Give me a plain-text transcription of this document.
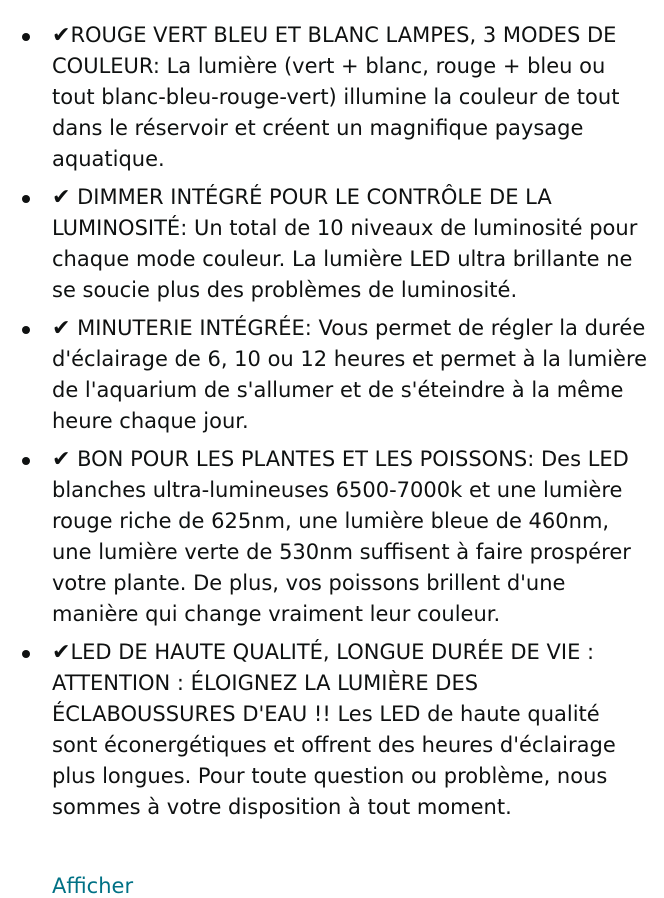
✔ROUGE VERT BLEU ET BLANC LAMPES, 3 MODES DE COULEUR: La lumière (vert + blanc, rouge + bleu ou tout blanc-bleu-rouge-vert) illumine la couleur de tout dans le réservoir et créent un magnifique paysage aquatique.
✔ DIMMER INTÉGRÉ POUR LE CONTRÔLE DE LA LUMINOSITÉ: Un total de 10 niveaux de luminosité pour chaque mode couleur. La lumière LED ultra brillante ne se soucie plus des problèmes de luminosité.
✔ MINUTERIE INTÉGRÉE: Vous permet de régler la durée d'éclairage de 6, 10 ou 12 heures et permet à la lumière de l'aquarium de s'allumer et de s'éteindre à la même heure chaque jour.
✔ BON POUR LES PLANTES ET LES POISSONS: Des LED blanches ultra-lumineuses 6500-7000k et une lumière rouge riche de 625nm, une lumière bleue de 460nm, une lumière verte de 530nm suffisent à faire prospérer votre plante. De plus, vos poissons brillent d'une manière qui change vraiment leur couleur.
✔LED DE HAUTE QUALITÉ, LONGUE DURÉE DE VIE : ATTENTION : ÉLOIGNEZ LA LUMIÈRE DES ÉCLABOUSSURES D'EAU !! Les LED de haute qualité sont éconergétiques et offrent des heures d'éclairage plus longues. Pour toute question ou problème, nous sommes à votre disposition à tout moment.
Afficher
